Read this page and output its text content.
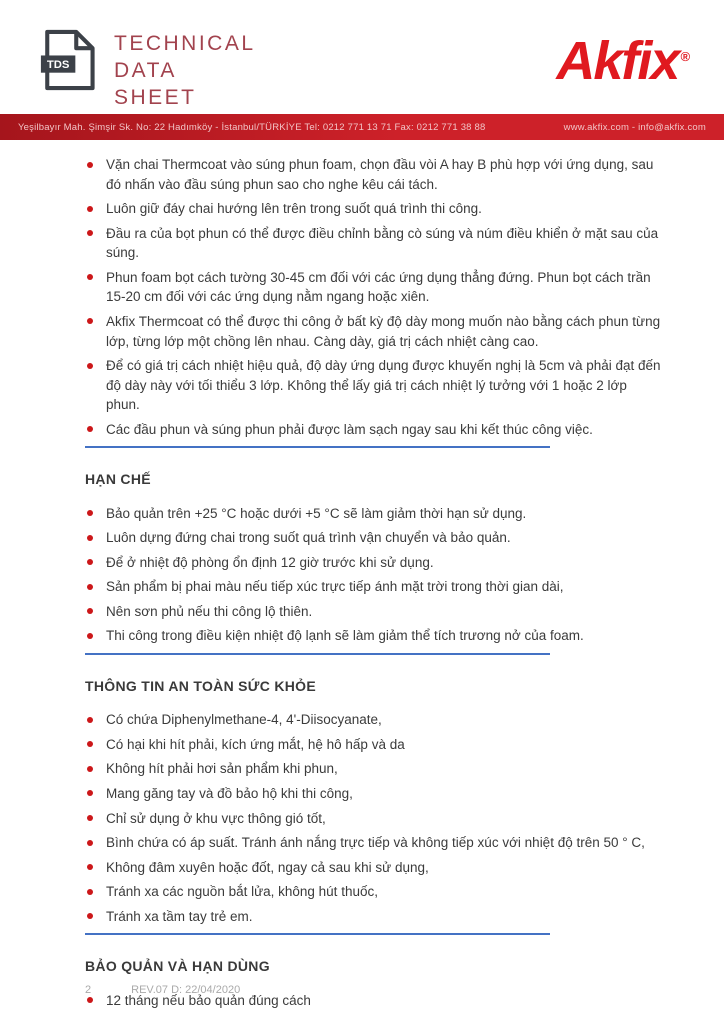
TDS
TECHNICAL
DATA
SHEET
Akfix ®
Yeşilbayır Mah. Şimşir Sk. No: 22 Hadımköy - İstanbul/TÜRKİYE Tel: 0212 771 13 71 Fax: 0212 771 38 88	www.akfix.com - info@akfix.com
Vặn chai Thermcoat vào súng phun foam, chọn đầu vòi A hay B phù hợp với ứng dụng, sau đó nhấn vào đầu súng phun sao cho nghe kêu cái tách.
Luôn giữ đáy chai hướng lên trên trong suốt quá trình thi công.
Đầu ra của bọt phun có thể được điều chỉnh bằng cò súng và núm điều khiển ở mặt sau của súng.
Phun foam bọt cách tường 30-45 cm đối với các ứng dụng thẳng đứng. Phun bọt cách trần 15-20 cm đối với các ứng dụng nằm ngang hoặc xiên.
Akfix Thermcoat có thể được thi công ở bất kỳ độ dày mong muốn nào bằng cách phun từng lớp, từng lớp một chồng lên nhau. Càng dày, giá trị cách nhiệt càng cao.
Để có giá trị cách nhiệt hiệu quả, độ dày ứng dụng được khuyến nghị là 5cm và phải đạt đến độ dày này với tối thiểu 3 lớp. Không thể lấy giá trị cách nhiệt lý tưởng với 1 hoặc 2 lớp phun.
Các đầu phun và súng phun phải được làm sạch ngay sau khi kết thúc công việc.
HẠN CHẾ
Bảo quản trên +25 °C hoặc dưới +5 °C sẽ làm giảm thời hạn sử dụng.
Luôn dựng đứng chai trong suốt quá trình vận chuyển và bảo quản.
Để ở nhiệt độ phòng ổn định 12 giờ trước khi sử dụng.
Sản phẩm bị phai màu nếu tiếp xúc trực tiếp ánh mặt trời trong thời gian dài,
Nên sơn phủ nếu thi công lộ thiên.
Thi công trong điều kiện nhiệt độ lạnh sẽ làm giảm thể tích trương nở của foam.
THÔNG TIN AN TOÀN SỨC KHỎE
Có chứa Diphenylmethane-4, 4'-Diisocyanate,
Có hại khi hít phải, kích ứng mắt, hệ hô hấp và da
Không hít phải hơi sản phẩm khi phun,
Mang găng tay và đồ bảo hộ khi thi công,
Chỉ sử dụng ở khu vực thông gió tốt,
Bình chứa có áp suất. Tránh ánh nắng trực tiếp và không tiếp xúc với nhiệt độ trên 50 ° C,
Không đâm xuyên hoặc đốt, ngay cả sau khi sử dụng,
Tránh xa các nguồn bắt lửa, không hút thuốc,
Tránh xa tầm tay trẻ em.
BẢO QUẢN VÀ HẠN DÙNG
12 tháng nếu bảo quản đúng cách
2	REV.07 D: 22/04/2020
